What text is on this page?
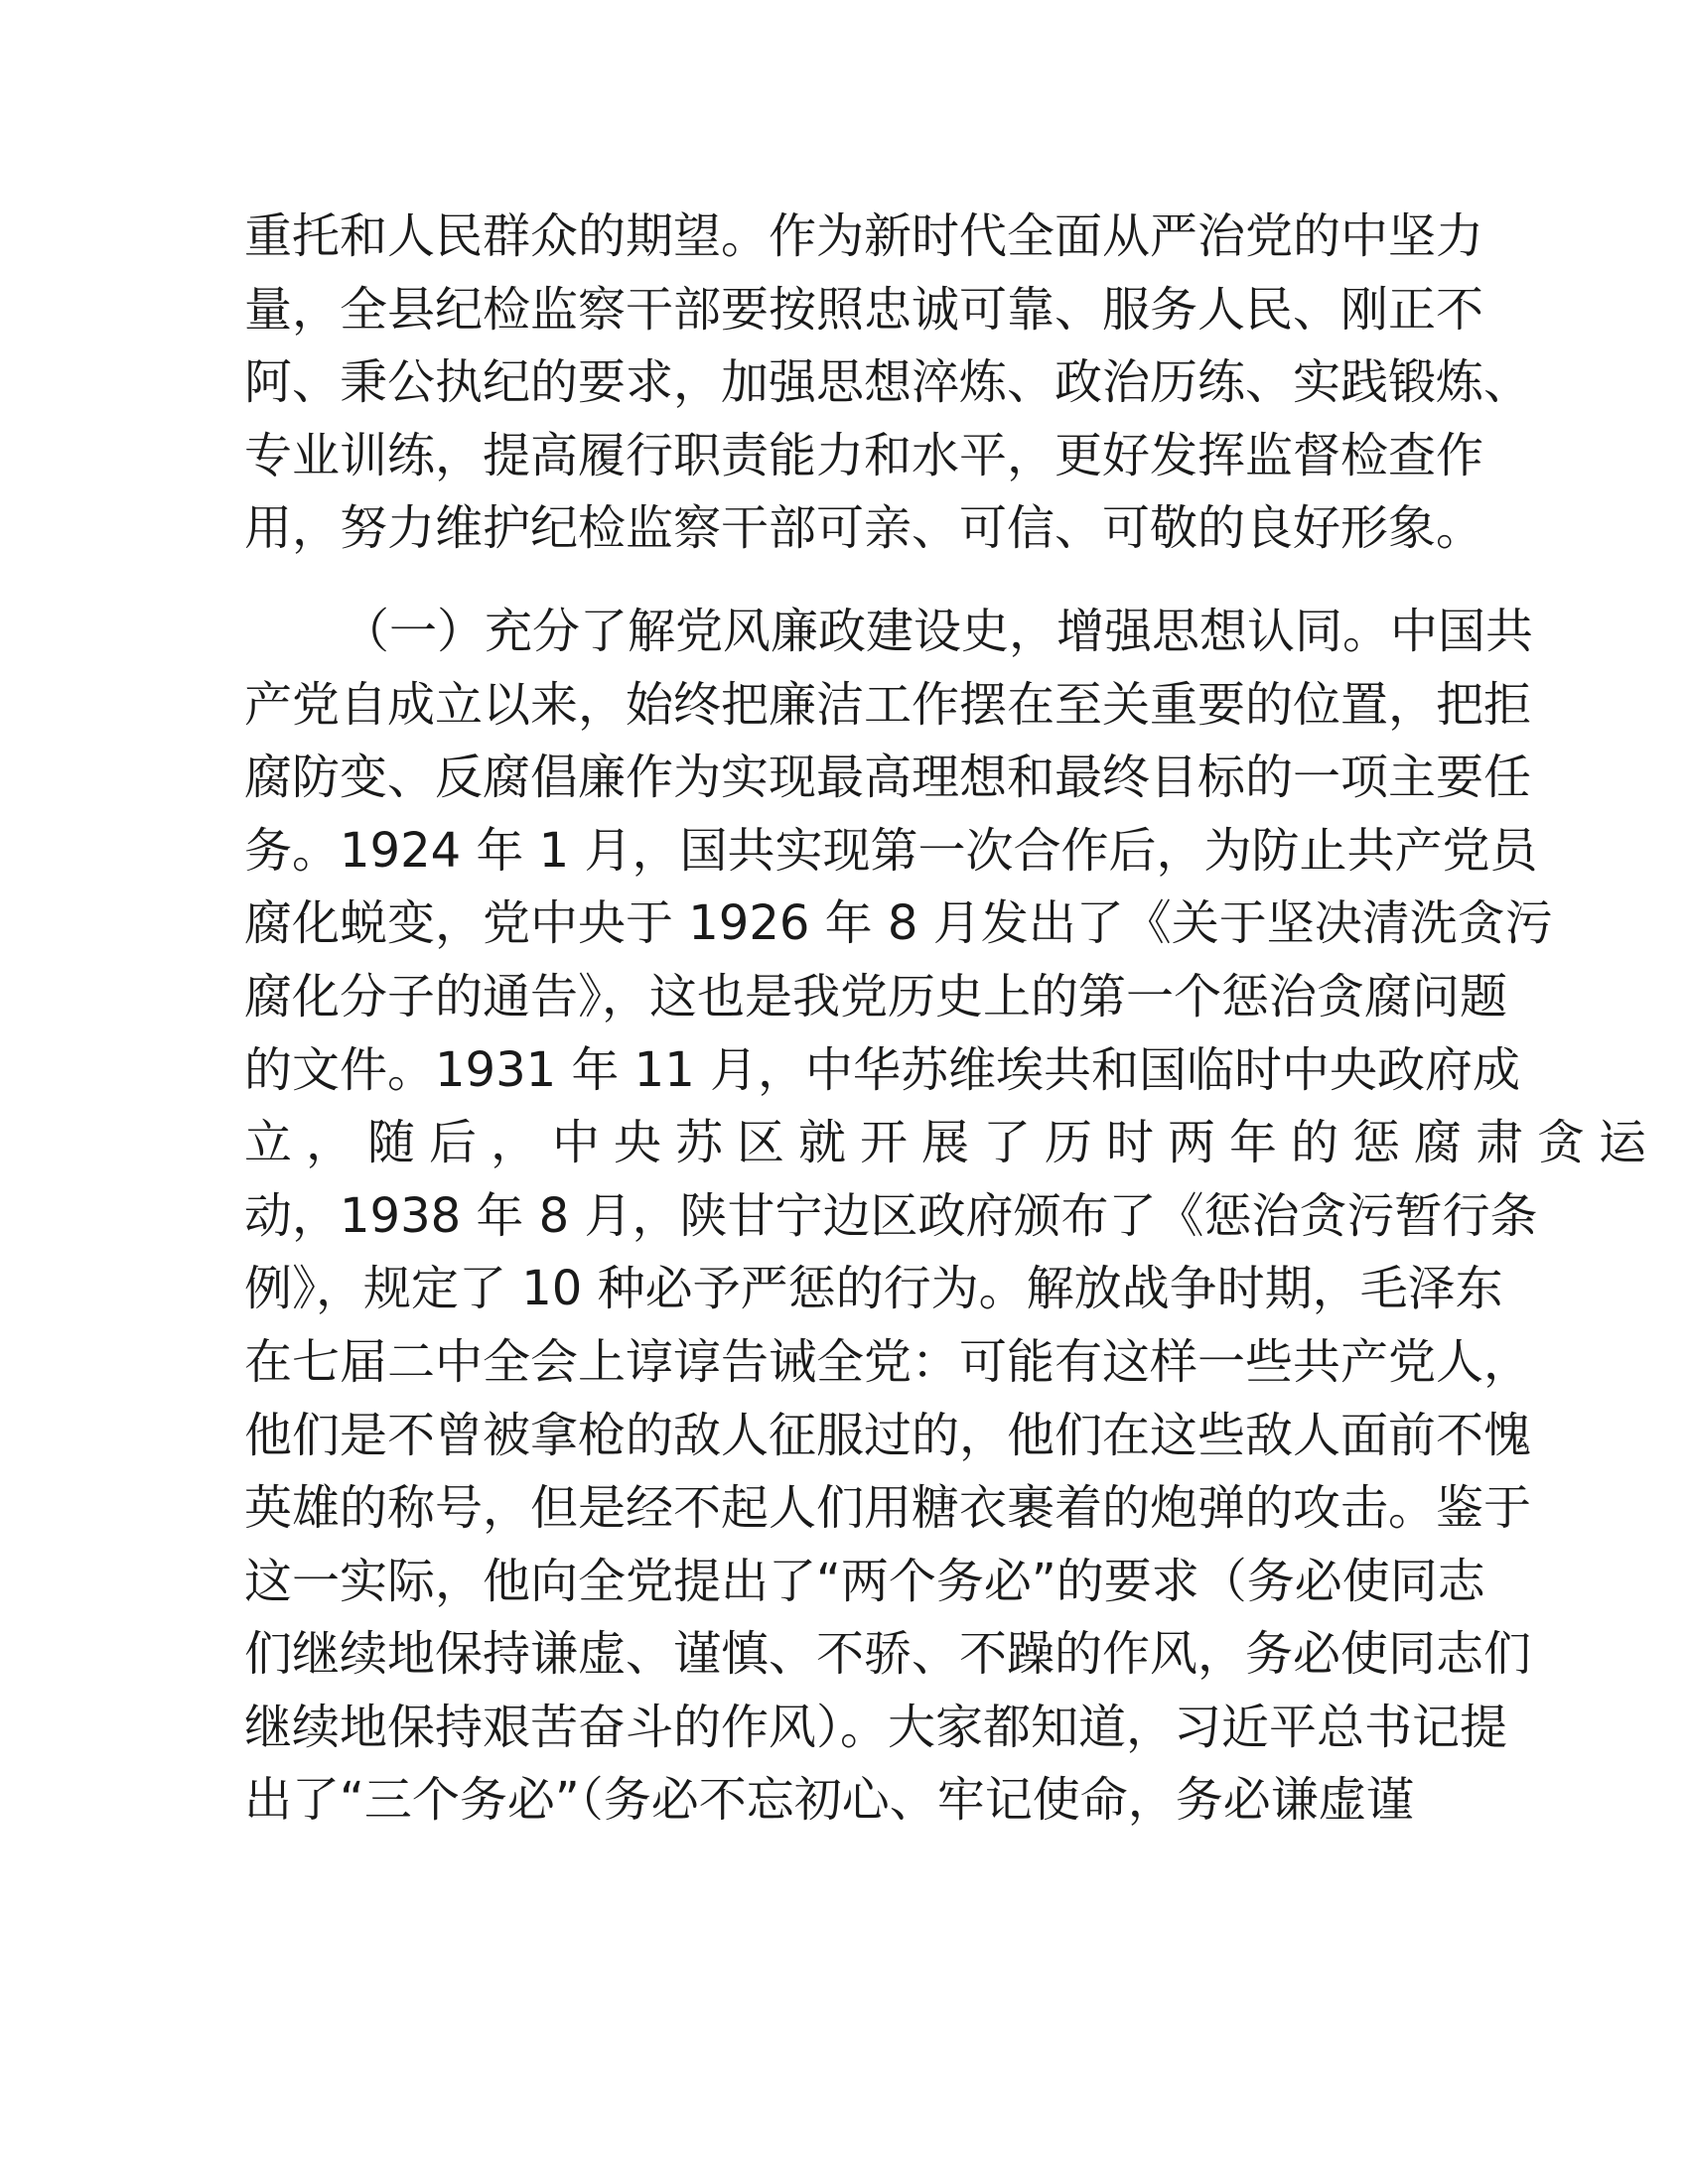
重托和人民群众的期望。作为新时代全面从严治党的中坚力
量，全县纪检监察干部要按照忠诚可靠、服务人民、刚正不
阿、秉公执纪的要求，加强思想淬炼、政治历练、实践锻炼、
专业训练，提高履行职责能力和水平，更好发挥监督检查作
用，努力维护纪检监察干部可亲、可信、可敬的良好形象。
（一）充分了解党风廉政建设史，增强思想认同。中国共
产党自成立以来，始终把廉洁工作摆在至关重要的位置，把拒
腐防变、反腐倡廉作为实现最高理想和最终目标的一项主要任
务。1924 年 1 月，国共实现第一次合作后，为防止共产党员
腐化蜕变，党中央于 1926 年 8 月发出了《关于坚决清洗贪污
腐化分子的通告》，这也是我党历史上的第一个惩治贪腐问题
的文件。1931 年 11 月，中华苏维埃共和国临时中央政府成
立，随后，中央苏区就开展了历时两年的惩腐肃贪运
动，1938 年 8 月，陕甘宁边区政府颁布了《惩治贪污暂行条
例》，规定了 10 种必予严惩的行为。解放战争时期，毛泽东
在七届二中全会上谆谆告诫全党：可能有这样一些共产党人，
他们是不曾被拿枪的敌人征服过的，他们在这些敌人面前不愧
英雄的称号，但是经不起人们用糖衣裹着的炮弹的攻击。鉴于
这一实际，他向全党提出了“两个务必”的要求（务必使同志
们继续地保持谦虚、谨慎、不骄、不躁的作风，务必使同志们
继续地保持艰苦奋斗的作风）。大家都知道，习近平总书记提
出了“三个务必”（务必不忘初心、牢记使命，务必谦虚谨
